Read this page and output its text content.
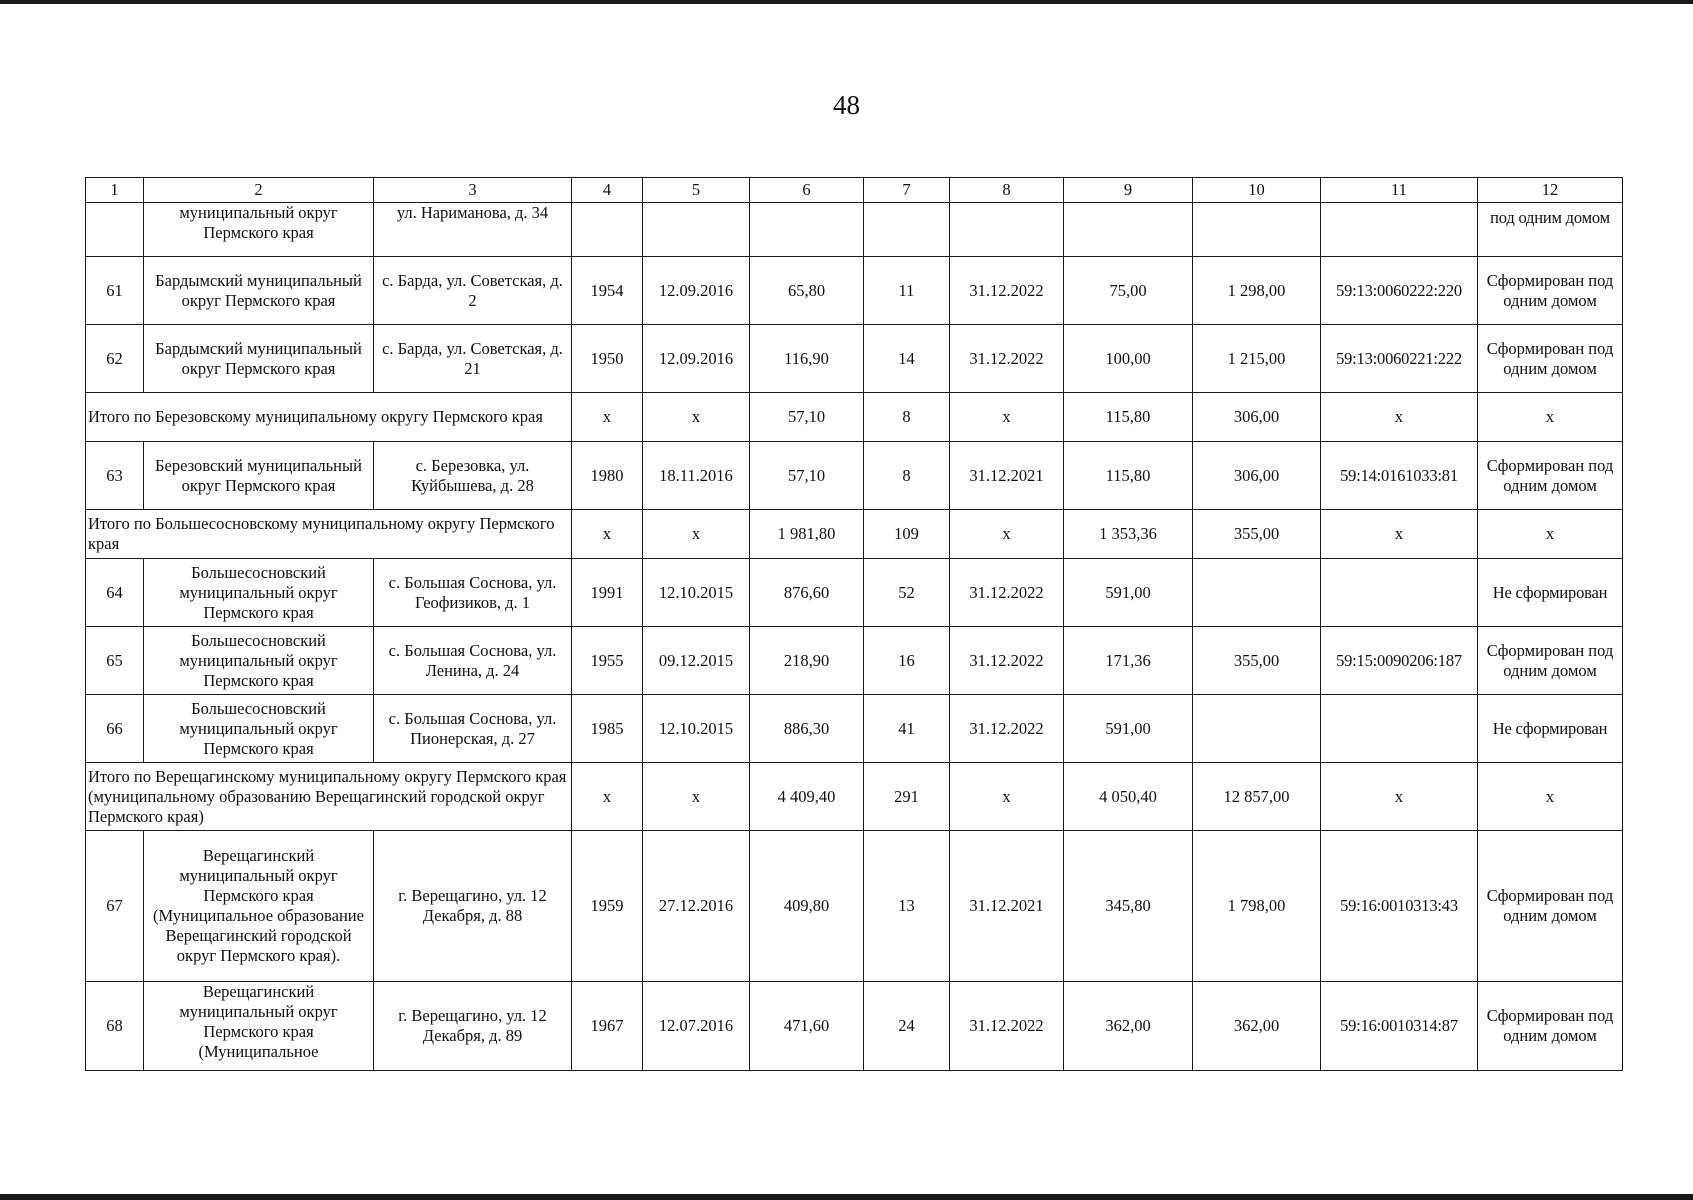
48
1	2	3	4	5	6	7	8	9	10	11	12
	муниципальный округ Пермского края	ул. Нариманова, д. 34									под одним домом
61	Бардымский муниципальный округ Пермского края	с. Барда, ул. Советская, д. 2	1954	12.09.2016	65,80	11	31.12.2022	75,00	1 298,00	59:13:0060222:220	Сформирован под одним домом
62	Бардымский муниципальный округ Пермского края	с. Барда, ул. Советская, д. 21	1950	12.09.2016	116,90	14	31.12.2022	100,00	1 215,00	59:13:0060221:222	Сформирован под одним домом
Итого по Березовскому муниципальному округу Пермского края			х	х	57,10	8	х	115,80	306,00	х	х
63	Березовский муниципальный округ Пермского края	с. Березовка, ул. Куйбышева, д. 28	1980	18.11.2016	57,10	8	31.12.2021	115,80	306,00	59:14:0161033:81	Сформирован под одним домом
Итого по Большесосновскому муниципальному округу Пермского края			х	х	1 981,80	109	х	1 353,36	355,00	х	х
64	Большесосновский муниципальный округ Пермского края	с. Большая Соснова, ул. Геофизиков, д. 1	1991	12.10.2015	876,60	52	31.12.2022	591,00			Не сформирован
65	Большесосновский муниципальный округ Пермского края	с. Большая Соснова, ул. Ленина, д. 24	1955	09.12.2015	218,90	16	31.12.2022	171,36	355,00	59:15:0090206:187	Сформирован под одним домом
66	Большесосновский муниципальный округ Пермского края	с. Большая Соснова, ул. Пионерская, д. 27	1985	12.10.2015	886,30	41	31.12.2022	591,00			Не сформирован
Итого по Верещагинскому муниципальному округу Пермского края (муниципальному образованию Верещагинский городской округ Пермского края)			х	х	4 409,40	291	х	4 050,40	12 857,00	х	х
67	Верещагинский муниципальный округ Пермского края (Муниципальное образование Верещагинский городской округ Пермского края).	г. Верещагино, ул. 12 Декабря, д. 88	1959	27.12.2016	409,80	13	31.12.2021	345,80	1 798,00	59:16:0010313:43	Сформирован под одним домом
68	Верещагинский муниципальный округ Пермского края (Муниципальное	г. Верещагино, ул. 12 Декабря, д. 89	1967	12.07.2016	471,60	24	31.12.2022	362,00	362,00	59:16:0010314:87	Сформирован под одним домом
